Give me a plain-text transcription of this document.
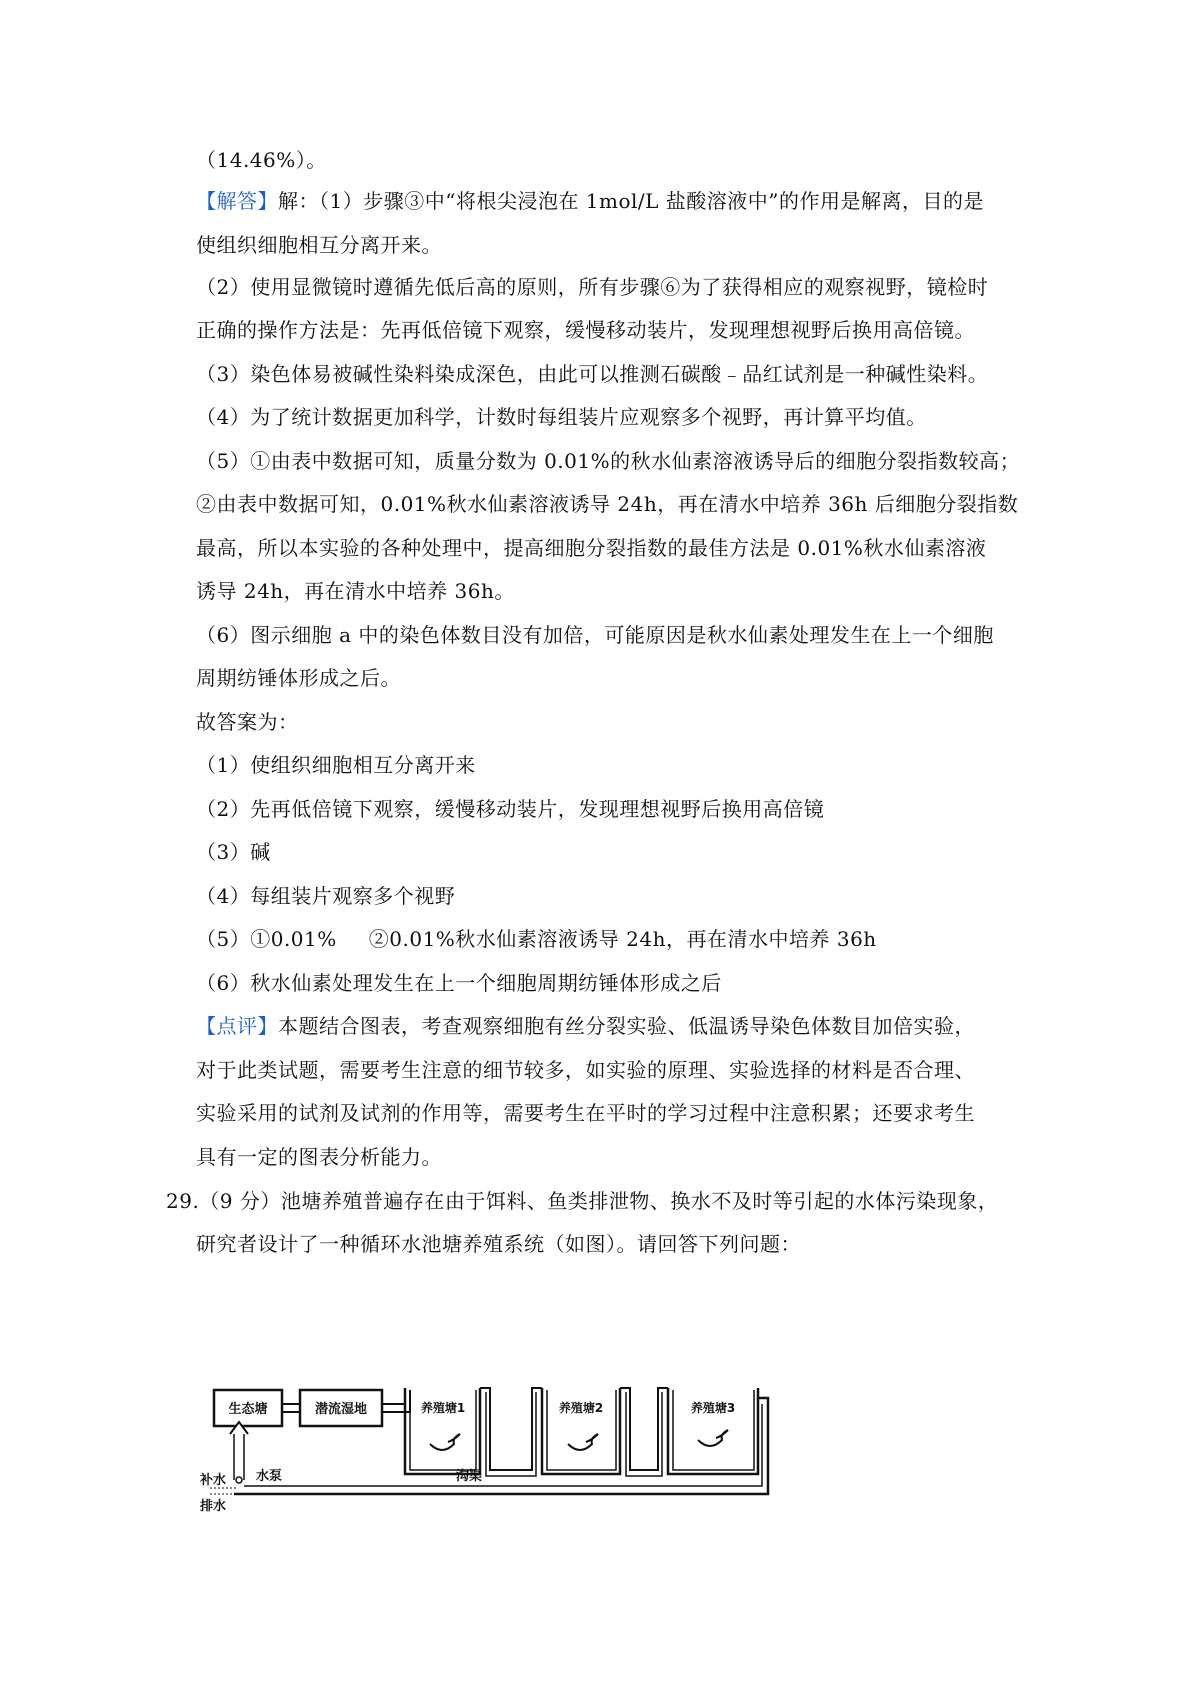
（14.46%）。
【解答】解：（1）步骤③中“将根尖浸泡在 1mol/L 盐酸溶液中”的作用是解离，目的是
使组织细胞相互分离开来。
（2）使用显微镜时遵循先低后高的原则，所有步骤⑥为了获得相应的观察视野，镜检时
正确的操作方法是：先再低倍镜下观察，缓慢移动装片，发现理想视野后换用高倍镜。
（3）染色体易被碱性染料染成深色，由此可以推测石碳酸﹣品红试剂是一种碱性染料。
（4）为了统计数据更加科学，计数时每组装片应观察多个视野，再计算平均值。
（5）①由表中数据可知，质量分数为 0.01%的秋水仙素溶液诱导后的细胞分裂指数较高；
②由表中数据可知，0.01%秋水仙素溶液诱导 24h，再在清水中培养 36h 后细胞分裂指数
最高，所以本实验的各种处理中，提高细胞分裂指数的最佳方法是 0.01%秋水仙素溶液
诱导 24h，再在清水中培养 36h。
（6）图示细胞 a 中的染色体数目没有加倍，可能原因是秋水仙素处理发生在上一个细胞
周期纺锤体形成之后。
故答案为：
（1）使组织细胞相互分离开来
（2）先再低倍镜下观察，缓慢移动装片，发现理想视野后换用高倍镜
（3）碱
（4）每组装片观察多个视野
（5）①0.01% ②0.01%秋水仙素溶液诱导 24h，再在清水中培养 36h
（6）秋水仙素处理发生在上一个细胞周期纺锤体形成之后
【点评】本题结合图表，考查观察细胞有丝分裂实验、低温诱导染色体数目加倍实验，
对于此类试题，需要考生注意的细节较多，如实验的原理、实验选择的材料是否合理、
实验采用的试剂及试剂的作用等，需要考生在平时的学习过程中注意积累；还要求考生
具有一定的图表分析能力。
29.（9 分）池塘养殖普遍存在由于饵料、鱼类排泄物、换水不及时等引起的水体污染现象，
研究者设计了一种循环水池塘养殖系统（如图）。请回答下列问题：
生态塘	潜流湿地	养殖塘1	养殖塘2	养殖塘3
水泵	沟渠
补水
排水
